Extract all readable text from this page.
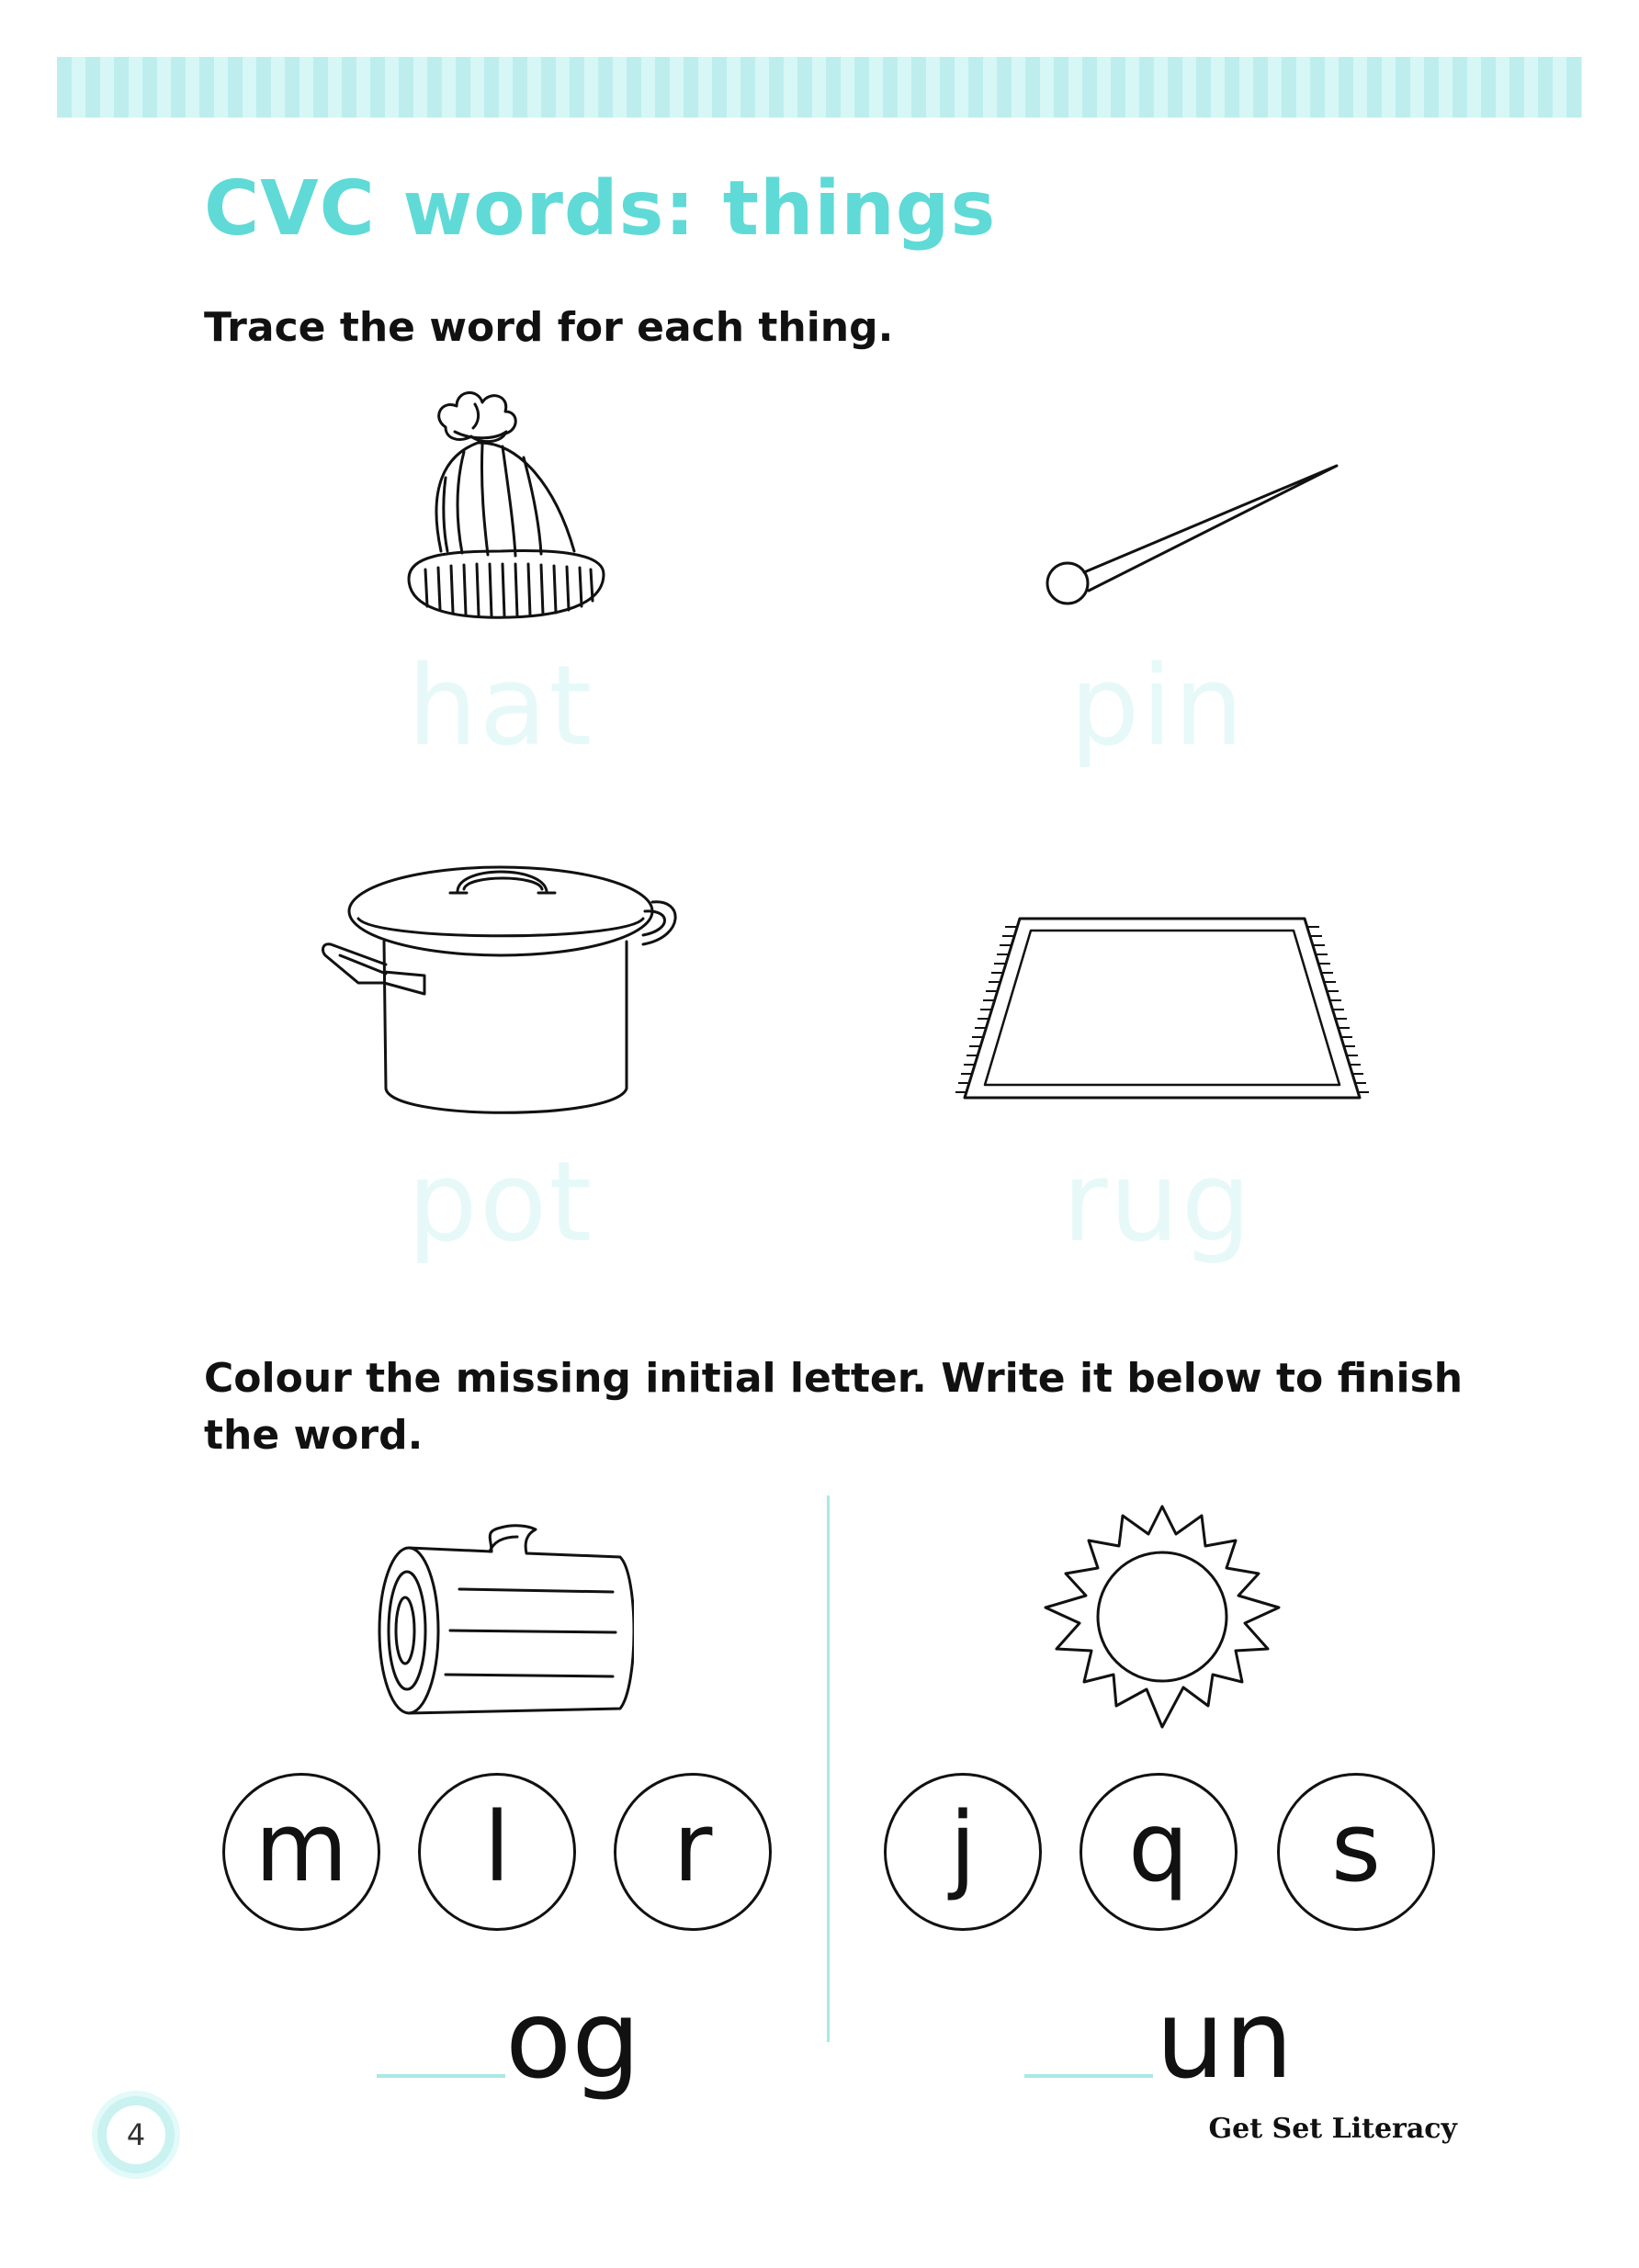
CVC words: things

Trace the word for each thing.

hat	pin
pot	rug

Colour the missing initial letter. Write it below to finish the word.

m	l	r	j	q	s
og	un
4	Get Set Literacy
